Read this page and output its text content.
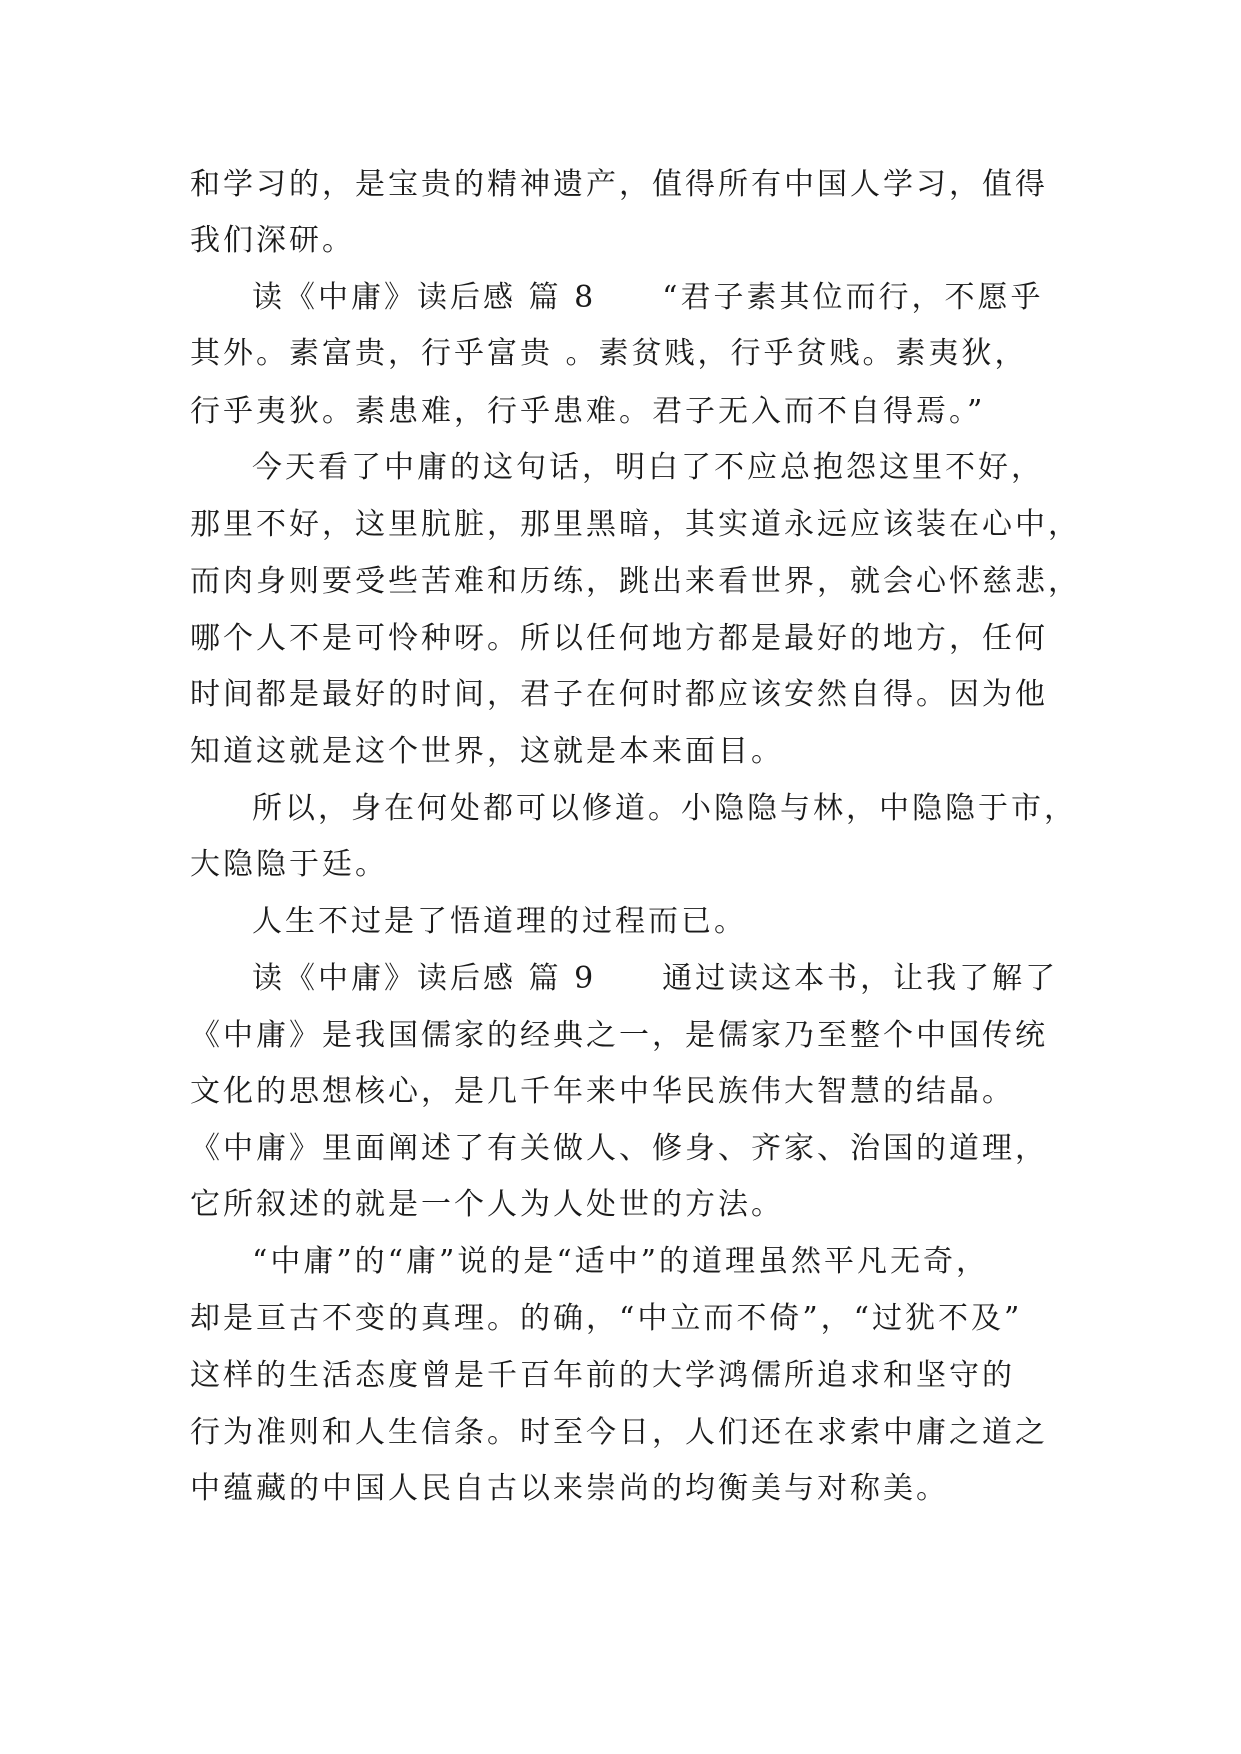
和学习的，是宝贵的精神遗产，值得所有中国人学习，值得
我们深研。
读《中庸》读后感 篇 8　　“君子素其位而行，不愿乎
其外。素富贵，行乎富贵 。素贫贱，行乎贫贱。素夷狄，
行乎夷狄。素患难，行乎患难。君子无入而不自得焉。”
今天看了中庸的这句话，明白了不应总抱怨这里不好，
那里不好，这里肮脏，那里黑暗，其实道永远应该装在心中，
而肉身则要受些苦难和历练，跳出来看世界，就会心怀慈悲，
哪个人不是可怜种呀。所以任何地方都是最好的地方，任何
时间都是最好的时间，君子在何时都应该安然自得。因为他
知道这就是这个世界，这就是本来面目。
所以，身在何处都可以修道。小隐隐与林，中隐隐于市，
大隐隐于廷。
人生不过是了悟道理的过程而已。
读《中庸》读后感 篇 9　　通过读这本书，让我了解了
《中庸》是我国儒家的经典之一，是儒家乃至整个中国传统
文化的思想核心，是几千年来中华民族伟大智慧的结晶。
《中庸》里面阐述了有关做人、修身、齐家、治国的道理，
它所叙述的就是一个人为人处世的方法。
“中庸”的“庸”说的是“适中”的道理虽然平凡无奇，
却是亘古不变的真理。的确，“中立而不倚”，“过犹不及”
这样的生活态度曾是千百年前的大学鸿儒所追求和坚守的
行为准则和人生信条。时至今日，人们还在求索中庸之道之
中蕴藏的中国人民自古以来崇尚的均衡美与对称美。
